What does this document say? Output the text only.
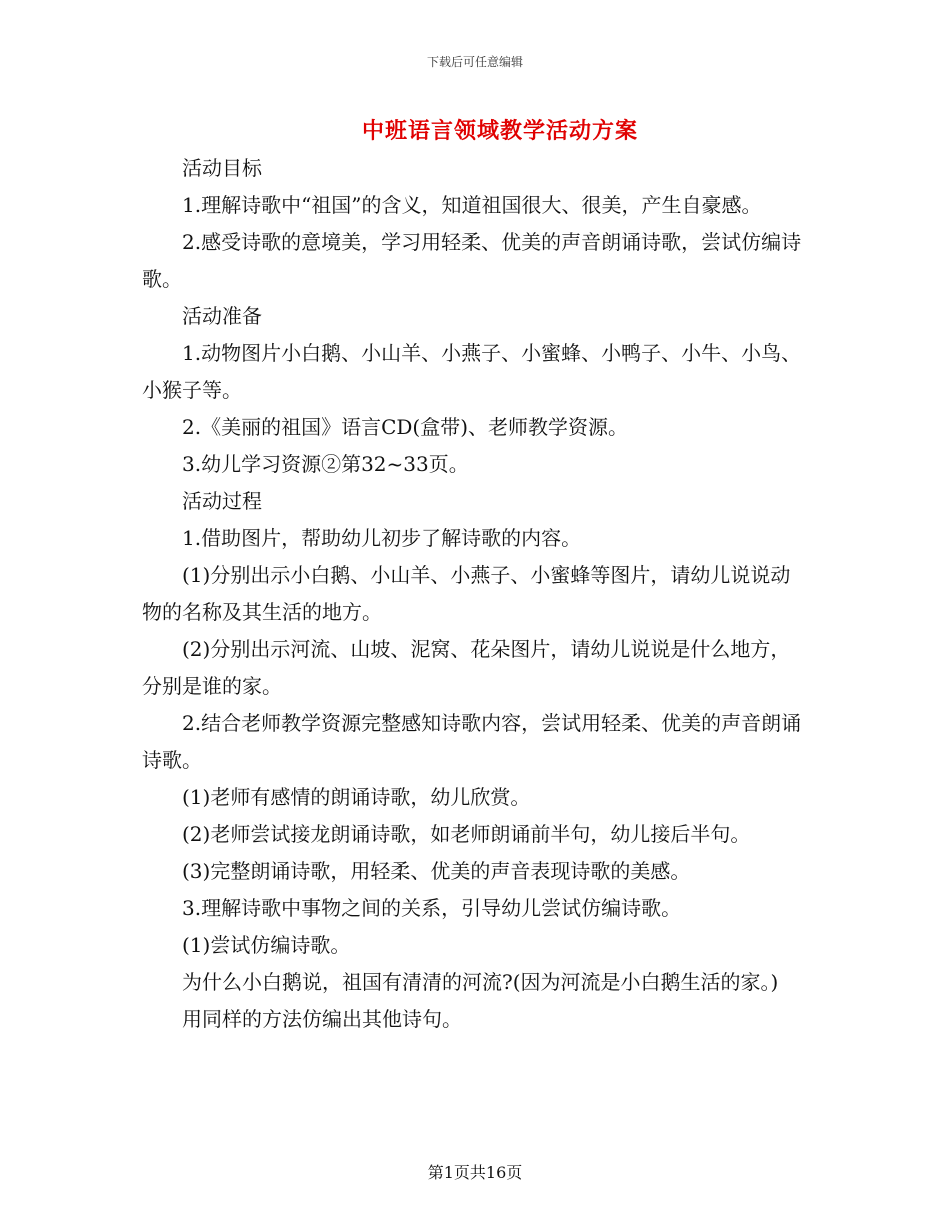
下载后可任意编辑
中班语言领域教学活动方案

活动目标

1.理解诗歌中“祖国”的含义，知道祖国很大、很美，产生自豪感。

2.感受诗歌的意境美，学习用轻柔、优美的声音朗诵诗歌，尝试仿编诗歌。

活动准备

1.动物图片小白鹅、小山羊、小燕子、小蜜蜂、小鸭子、小牛、小鸟、小猴子等。

2.《美丽的祖国》语言CD(盒带)、老师教学资源。

3.幼儿学习资源②第32~33页。

活动过程

1.借助图片，帮助幼儿初步了解诗歌的内容。

(1)分别出示小白鹅、小山羊、小燕子、小蜜蜂等图片，请幼儿说说动物的名称及其生活的地方。

(2)分别出示河流、山坡、泥窝、花朵图片，请幼儿说说是什么地方，分别是谁的家。

2.结合老师教学资源完整感知诗歌内容，尝试用轻柔、优美的声音朗诵诗歌。

(1)老师有感情的朗诵诗歌，幼儿欣赏。

(2)老师尝试接龙朗诵诗歌，如老师朗诵前半句，幼儿接后半句。

(3)完整朗诵诗歌，用轻柔、优美的声音表现诗歌的美感。

3.理解诗歌中事物之间的关系，引导幼儿尝试仿编诗歌。

(1)尝试仿编诗歌。

为什么小白鹅说，祖国有清清的河流?(因为河流是小白鹅生活的家。)

用同样的方法仿编出其他诗句。

第1页共16页
